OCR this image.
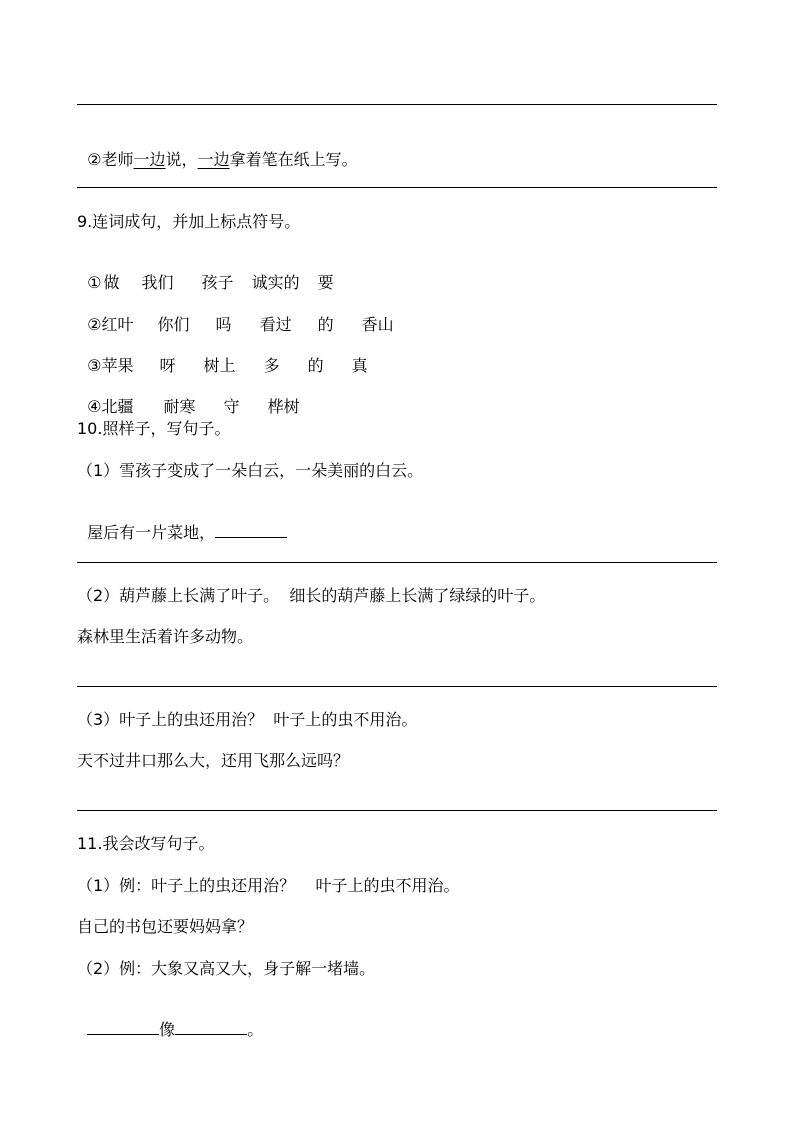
②老师一边说，一边拿着笔在纸上写。

9.连词成句，并加上标点符号。

① 做 我们 孩子 诚实的 要

②红叶 你们 吗 看过 的 香山

③苹果 呀 树上 多 的 真

④北疆 耐寒 守 桦树

10.照样子，写句子。
（1）雪孩子变成了一朵白云，一朵美丽的白云。

屋后有一片菜地，

（2）葫芦藤上长满了叶子。  细长的葫芦藤上长满了绿绿的叶子。
森林里生活着许多动物。
（3）叶子上的虫还用治？  叶子上的虫不用治。
天不过井口那么大，还用飞那么远吗？
11.我会改写句子。
（1）例：叶子上的虫还用治？    叶子上的虫不用治。
自己的书包还要妈妈拿？
（2）例：大象又高又大，身子解一堵墙。

像	。
